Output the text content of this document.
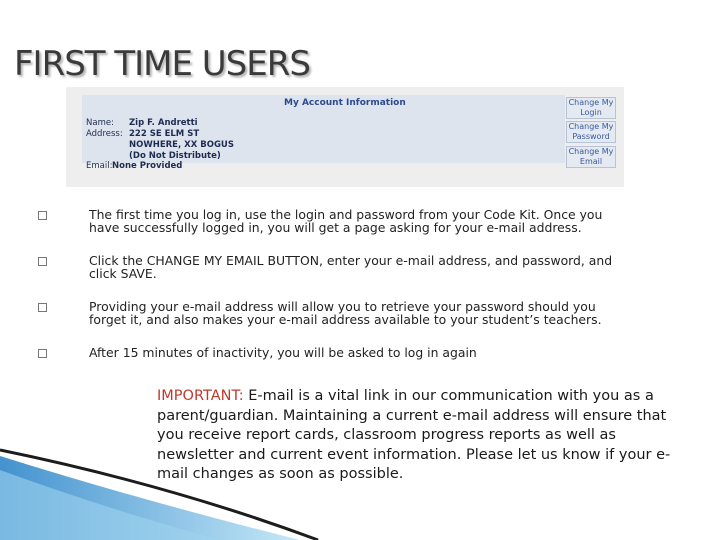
FIRST TIME USERS
My Account Information
Name: Zip F. Andretti
Address: 222 SE ELM ST
NOWHERE, XX BOGUS
(Do Not Distribute)
Email: None Provided
Change My
Login
Change My
Password
Change My
Email
The first time you log in, use the login and password from your Code Kit. Once you have successfully logged in, you will get a page asking for your e-mail address.
Click the CHANGE MY EMAIL BUTTON, enter your e-mail address, and password, and click SAVE.
Providing your e-mail address will allow you to retrieve your password should you forget it, and also makes your e-mail address available to your student’s teachers.
After 15 minutes of inactivity, you will be asked to log in again
IMPORTANT: E-mail is a vital link in our communication with you as a parent/guardian. Maintaining a current e-mail address will ensure that you receive report cards, classroom progress reports as well as newsletter and current event information. Please let us know if your e-mail changes as soon as possible.
